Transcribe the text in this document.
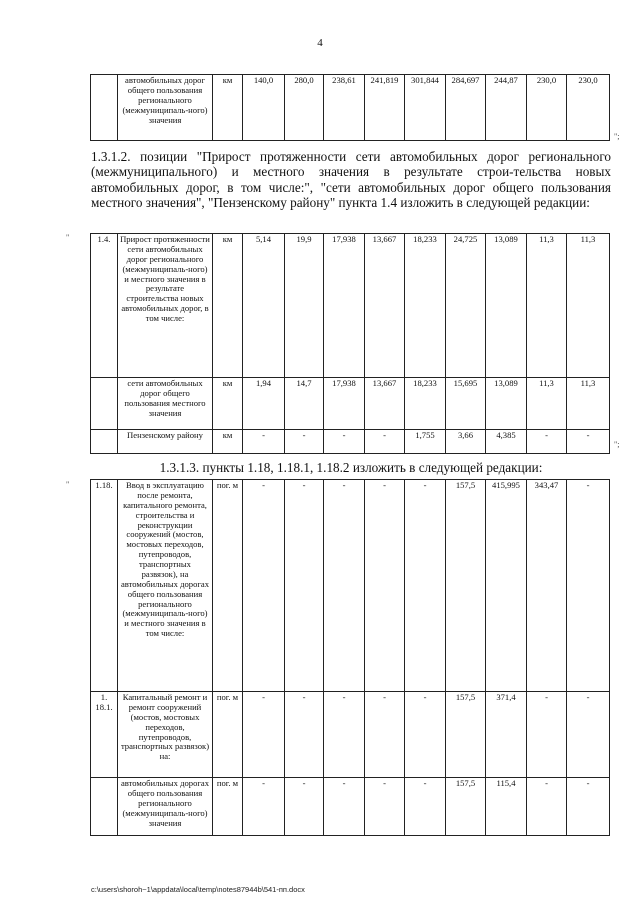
4
	автомобильных дорог общего пользования регионального (межмуниципаль-ного) значения	км	140,0	280,0	238,61	241,819	301,844	284,697	244,87	230,0	230,0
";
1.3.1.2. позиции "Прирост протяженности сети автомобильных дорог регионального (межмуниципального) и местного значения в результате строи-тельства новых автомобильных дорог, в том числе:", "сети автомобильных дорог общего пользования местного значения", "Пензенскому району" пункта 1.4 изложить в следующей редакции:
"	1.4.	Прирост протяженности сети автомобильных дорог регионального (межмуниципаль-ного) и местного значения в результате строительства новых автомобильных дорог, в том числе:	км	5,14	19,9	17,938	13,667	18,233	24,725	13,089	11,3	11,3
	сети автомобильных дорог общего пользования местного значения	км	1,94	14,7	17,938	13,667	18,233	15,695	13,089	11,3	11,3
	Пензенскому району	км	-	-	-	-	1,755	3,66	4,385	-	-
";
1.3.1.3. пункты 1.18, 1.18.1, 1.18.2 изложить в следующей редакции:
"	1.18.	Ввод в эксплуатацию после ремонта, капитального ремонта, строительства и реконструкции сооружений (мостов, мостовых переходов, путепроводов, транспортных развязок), на автомобильных дорогах общего пользования регионального (межмуниципаль-ного) и местного значения в том числе:	пог. м	-	-	-	-	-	157,5	415,995	343,47	-
1. 18.1.	Капитальный ремонт и ремонт сооружений (мостов, мостовых переходов, путепроводов, транспортных развязок) на:	пог. м	-	-	-	-	-	157,5	371,4	-	-
	автомобильных дорогах общего пользования регионального (межмуниципаль-ного) значения	пог. м	-	-	-	-	-	157,5	115,4	-	-
c:\users\shoroh~1\appdata\local\temp\notes87944b\541-пп.docx
